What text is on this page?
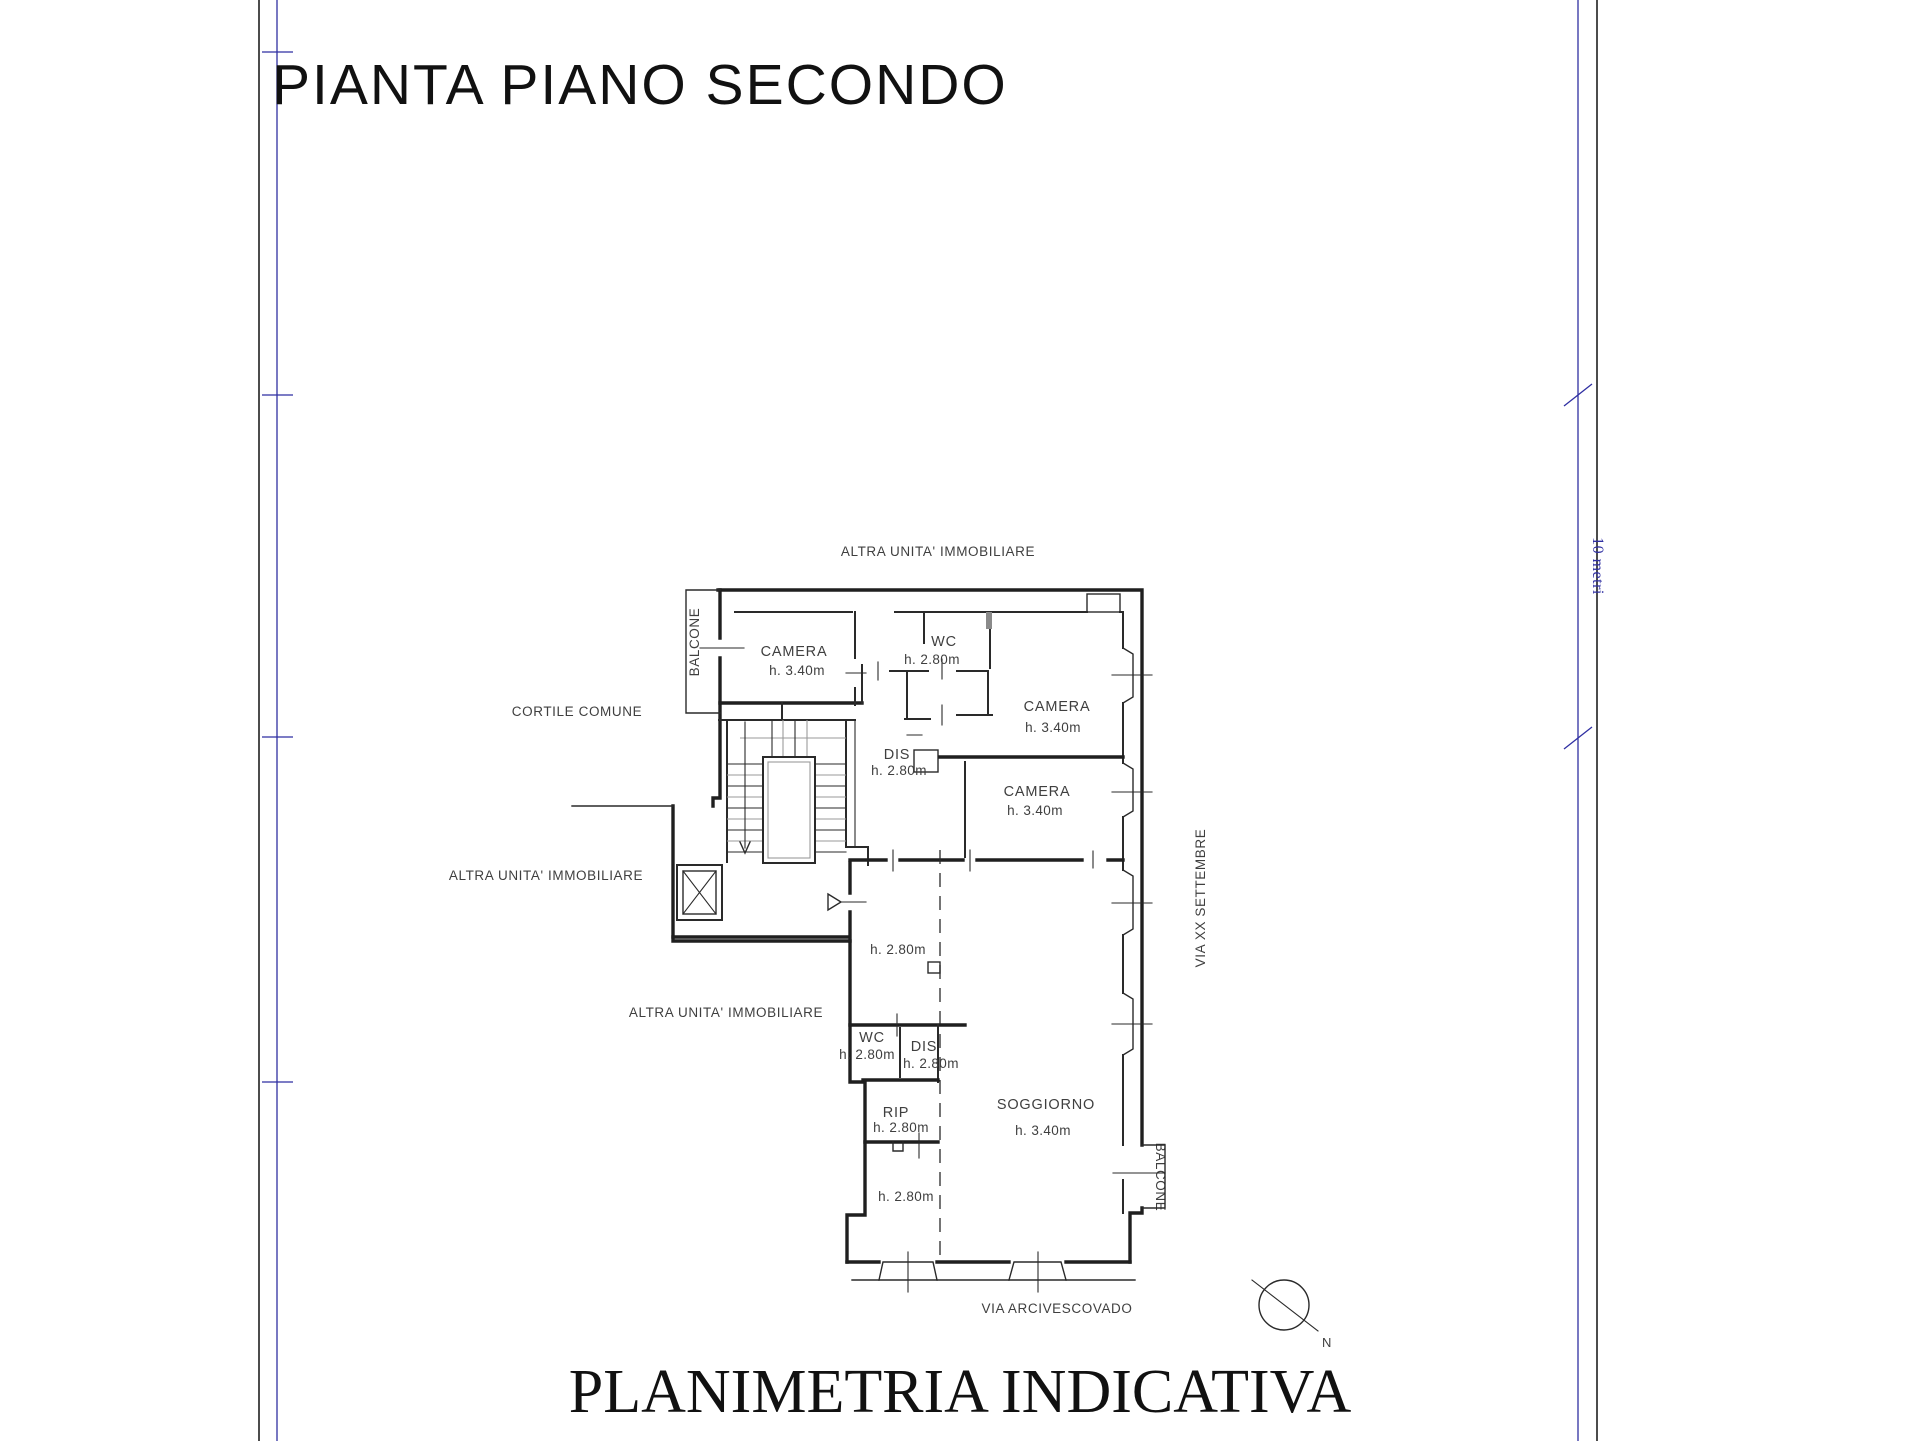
10 metri
PIANTA PIANO SECONDO
PLANIMETRIA INDICATIVA
N
ALTRA UNITA' IMMOBILIARE
ALTRA UNITA' IMMOBILIARE
ALTRA UNITA' IMMOBILIARE
CORTILE COMUNE
VIA XX SETTEMBRE
VIA ARCIVESCOVADO
BALCONE
BALCONE
CAMERA
h. 3.40m
WC
h. 2.80m
CAMERA
h. 3.40m
DIS
h. 2.80m
CAMERA
h. 3.40m
h. 2.80m
WC
h. 2.80m DIS
h. 2.80m
RIP
h. 2.80m
h. 2.80m
SOGGIORNO
h. 3.40m
